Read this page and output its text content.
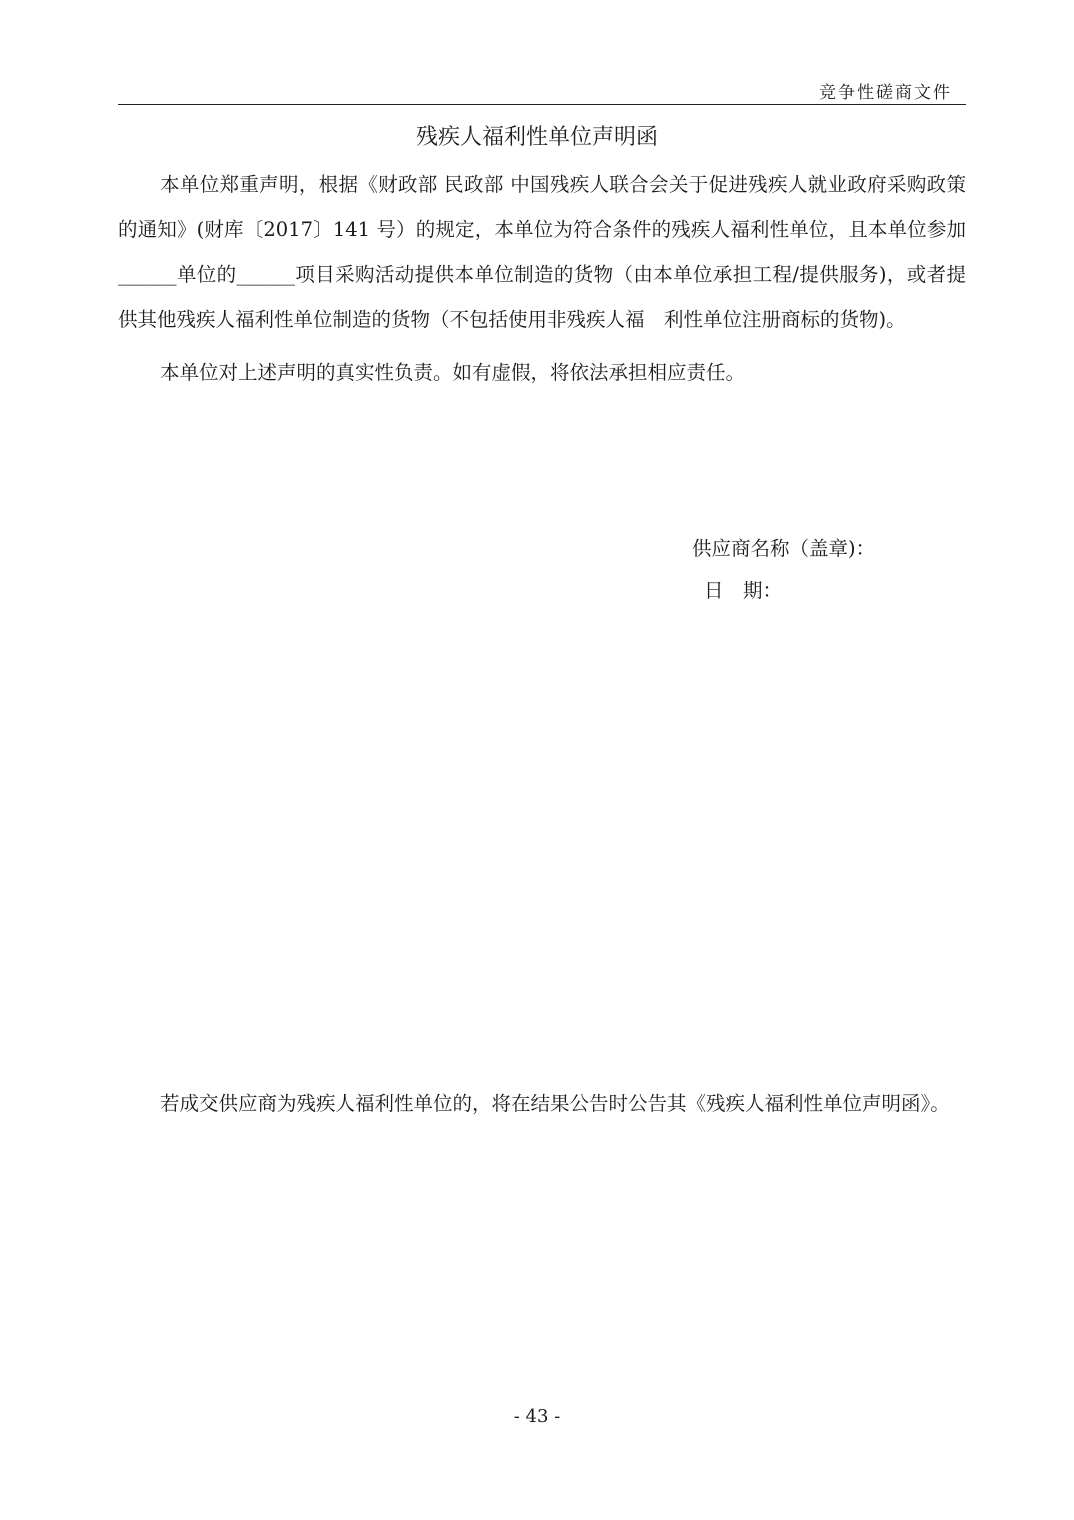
竞争性磋商文件
残疾人福利性单位声明函

本单位郑重声明，根据《财政部 民政部 中国残疾人联合会关于促进残疾人就业政府采购政策的通知》(财库〔2017〕141 号）的规定，本单位为符合条件的残疾人福利性单位，且本单位参加______单位的______项目采购活动提供本单位制造的货物（由本单位承担工程/提供服务)，或者提供其他残疾人福利性单位制造的货物（不包括使用非残疾人福　利性单位注册商标的货物)。

本单位对上述声明的真实性负责。如有虚假，将依法承担相应责任。

供应商名称（盖章)：
日　期：

若成交供应商为残疾人福利性单位的，将在结果公告时公告其《残疾人福利性单位声明函》。

- 43 -
